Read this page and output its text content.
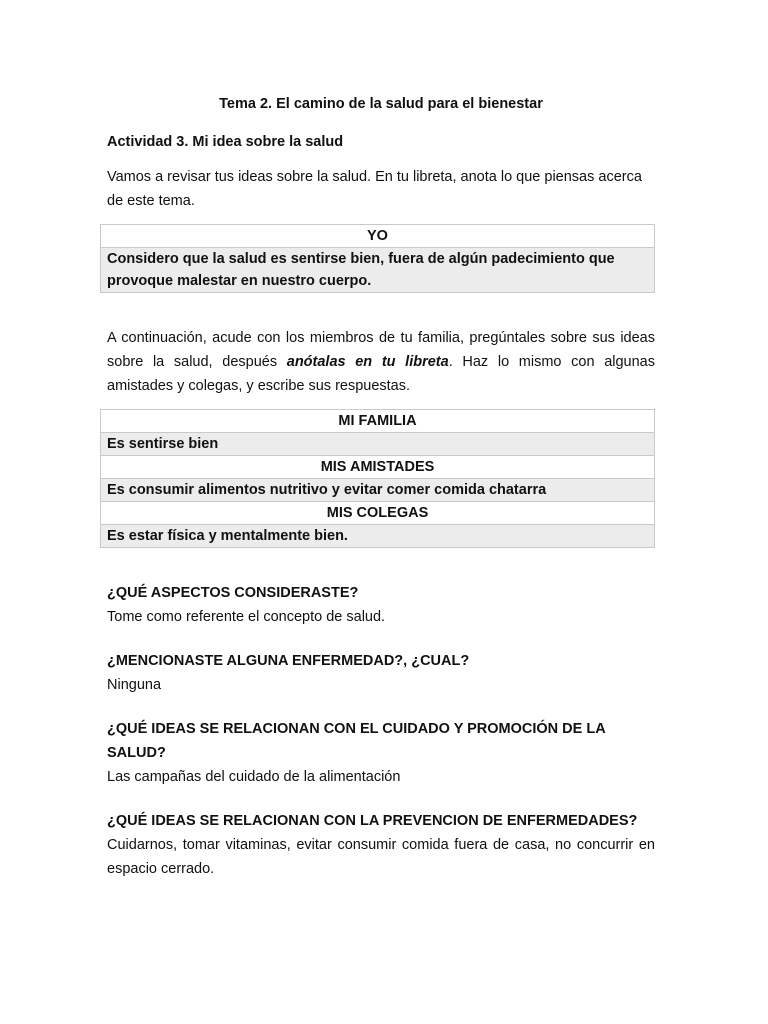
Tema 2. El camino de la salud para el bienestar

Actividad 3. Mi idea sobre la salud

Vamos a revisar tus ideas sobre la salud. En tu libreta, anota lo que piensas acerca de este tema.

YO
Considero que la salud es sentirse bien, fuera de algún padecimiento que provoque malestar en nuestro cuerpo.

A continuación, acude con los miembros de tu familia, pregúntales sobre sus ideas sobre la salud, después anótalas en tu libreta. Haz lo mismo con algunas amistades y colegas, y escribe sus respuestas.

MI FAMILIA
Es sentirse bien
MIS AMISTADES
Es consumir alimentos nutritivo y evitar comer comida chatarra
MIS COLEGAS
Es estar física y mentalmente bien.

¿QUÉ ASPECTOS CONSIDERASTE?

Tome como referente el concepto de salud.

¿MENCIONASTE ALGUNA ENFERMEDAD?, ¿CUAL?

Ninguna

¿QUÉ IDEAS SE RELACIONAN CON EL CUIDADO Y PROMOCIÓN DE LA SALUD?

Las campañas del cuidado de la alimentación

¿QUÉ IDEAS SE RELACIONAN CON LA PREVENCION DE ENFERMEDADES?

Cuidarnos, tomar vitaminas, evitar consumir comida fuera de casa, no concurrir en espacio cerrado.
